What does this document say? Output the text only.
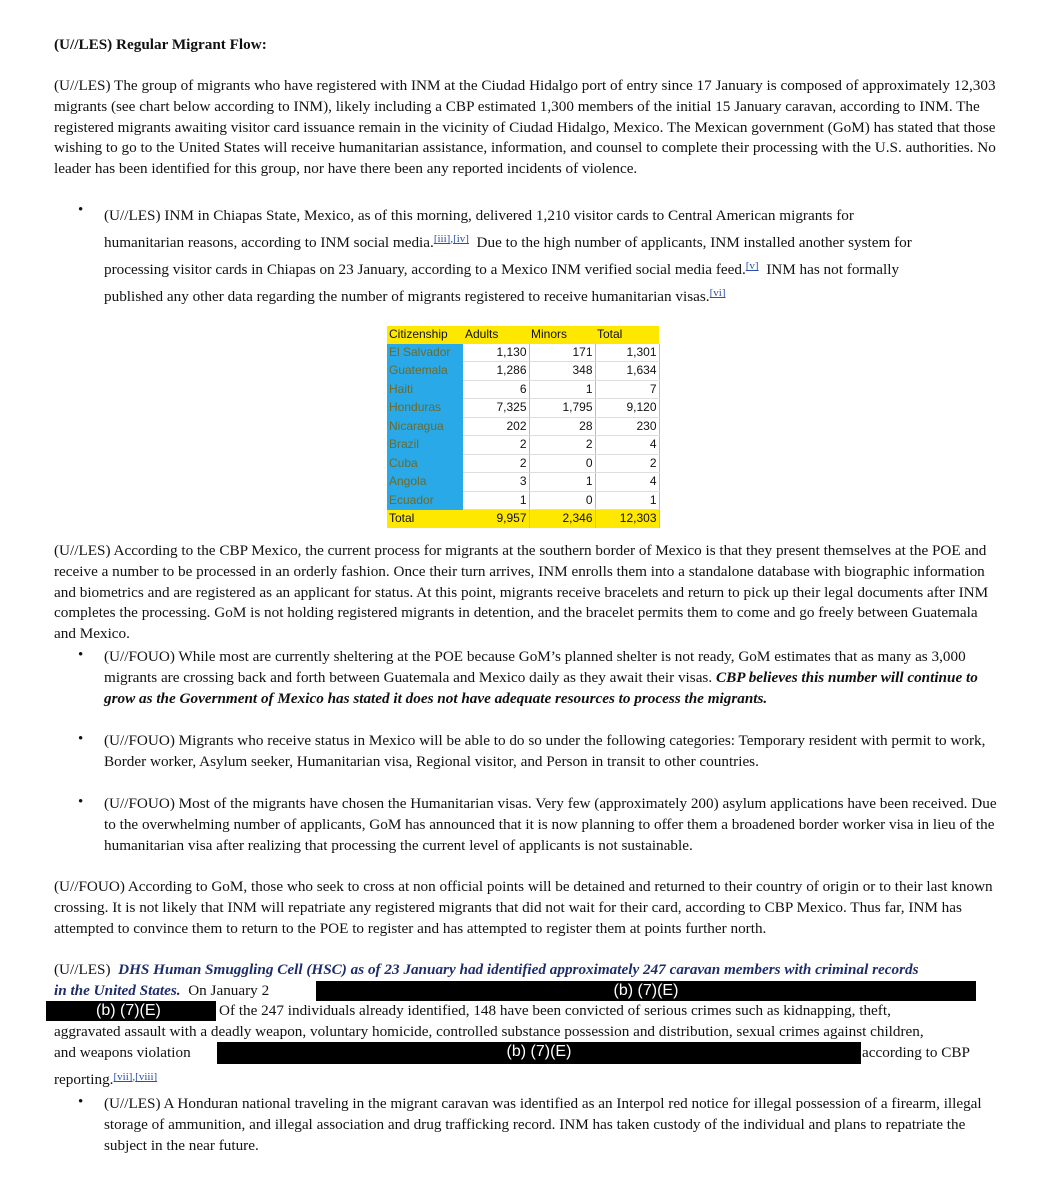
(U//LES) Regular Migrant Flow:
(U//LES) The group of migrants who have registered with INM at the Ciudad Hidalgo port of entry since 17 January is composed of approximately 12,303 migrants (see chart below according to INM), likely including a CBP estimated 1,300 members of the initial 15 January caravan, according to INM. The registered migrants awaiting visitor card issuance remain in the vicinity of Ciudad Hidalgo, Mexico. The Mexican government (GoM) has stated that those wishing to go to the United States will receive humanitarian assistance, information, and counsel to complete their processing with the U.S. authorities. No leader has been identified for this group, nor have there been any reported incidents of violence.
• (U//LES) INM in Chiapas State, Mexico, as of this morning, delivered 1,210 visitor cards to Central American migrants for
humanitarian reasons, according to INM social media.[iii],[iv]  Due to the high number of applicants, INM installed another system for
processing visitor cards in Chiapas on 23 January, according to a Mexico INM verified social media feed.[v]  INM has not formally
published any other data regarding the number of migrants registered to receive humanitarian visas.[vi]
Citizenship	Adults	Minors	Total
El Salvador	1,130	171	1,301
Guatemala	1,286	348	1,634
Haiti	6	1	7
Honduras	7,325	1,795	9,120
Nicaragua	202	28	230
Brazil	2	2	4
Cuba	2	0	2
Angola	3	1	4
Ecuador	1	0	1
Total	9,957	2,346	12,303
(U//LES) According to the CBP Mexico, the current process for migrants at the southern border of Mexico is that they present themselves at the POE and receive a number to be processed in an orderly fashion. Once their turn arrives, INM enrolls them into a standalone database with biographic information and biometrics and are registered as an applicant for status. At this point, migrants receive bracelets and return to pick up their legal documents after INM completes the processing. GoM is not holding registered migrants in detention, and the bracelet permits them to come and go freely between Guatemala and Mexico.
• (U//FOUO) While most are currently sheltering at the POE because GoM’s planned shelter is not ready, GoM estimates that as many as 3,000 migrants are crossing back and forth between Guatemala and Mexico daily as they await their visas. CBP believes this number will continue to grow as the Government of Mexico has stated it does not have adequate resources to process the migrants.
• (U//FOUO) Migrants who receive status in Mexico will be able to do so under the following categories: Temporary resident with permit to work, Border worker, Asylum seeker, Humanitarian visa, Regional visitor, and Person in transit to other countries.
• (U//FOUO) Most of the migrants have chosen the Humanitarian visas. Very few (approximately 200) asylum applications have been received. Due to the overwhelming number of applicants, GoM has announced that it is now planning to offer them a broadened border worker visa in lieu of the humanitarian visa after realizing that processing the current level of applicants is not sustainable.
(U//FOUO) According to GoM, those who seek to cross at non official points will be detained and returned to their country of origin or to their last known crossing. It is not likely that INM will repatriate any registered migrants that did not wait for their card, according to CBP Mexico. Thus far, INM has attempted to convince them to return to the POE to register and has attempted to register them at points further north.
(U//LES)  DHS Human Smuggling Cell (HSC) as of 23 January had identified approximately 247 caravan members with criminal records
in the United States.  On January 2	(b) (7)(E)
(b) (7)(E)	Of the 247 individuals already identified, 148 have been convicted of serious crimes such as kidnapping, theft,
aggravated assault with a deadly weapon, voluntary homicide, controlled substance possession and distribution, sexual crimes against children,
and weapons violation	(b) (7)(E)	according to CBP
reporting.[vii],[viii]
• (U//LES) A Honduran national traveling in the migrant caravan was identified as an Interpol red notice for illegal possession of a firearm, illegal storage of ammunition, and illegal association and drug trafficking record. INM has taken custody of the individual and plans to repatriate the subject in the near future.
